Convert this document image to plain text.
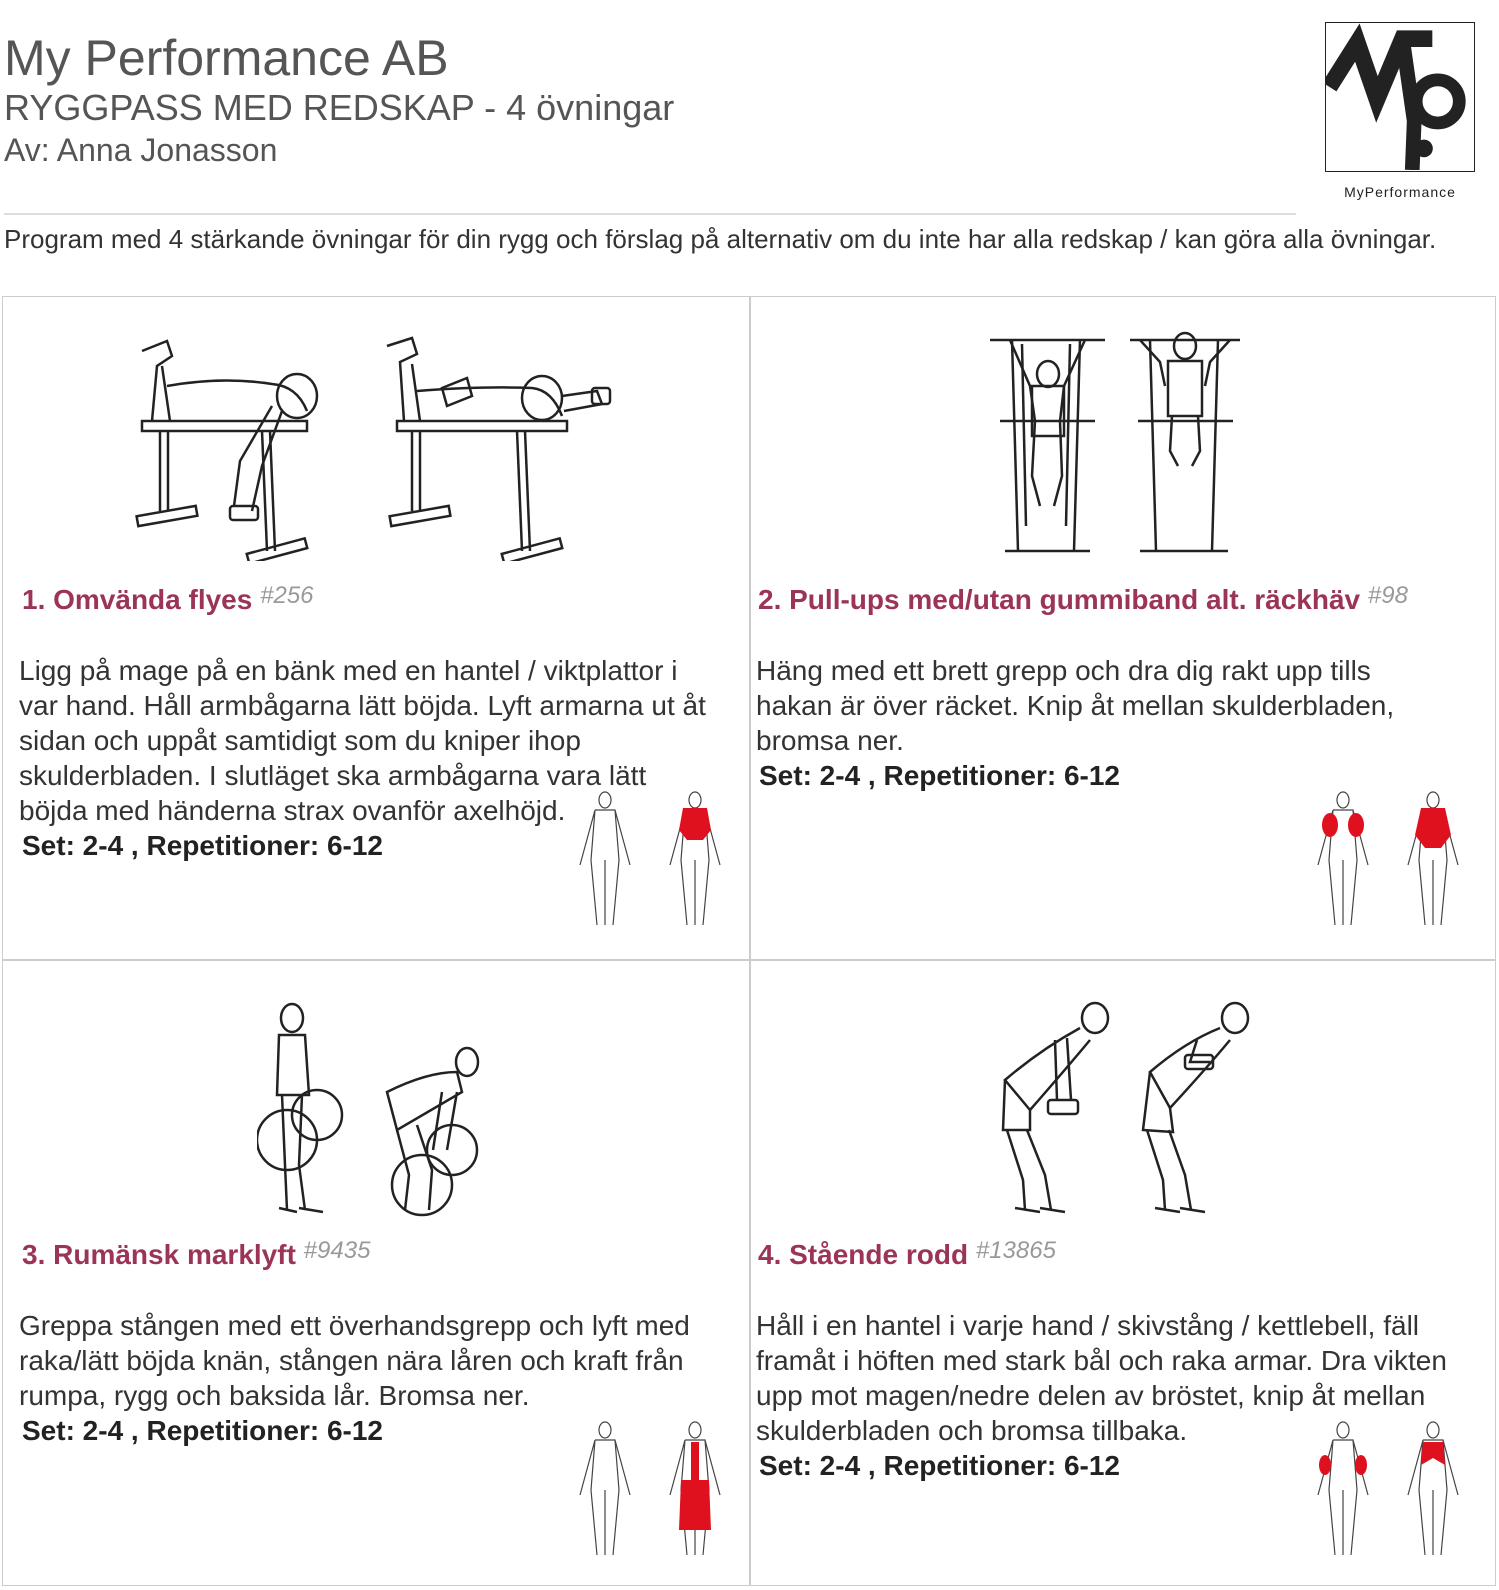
My Performance AB
RYGGPASS MED REDSKAP - 4 övningar
Av: Anna Jonasson
MyPerformance
Program med 4 stärkande övningar för din rygg och förslag på alternativ om du inte har alla redskap / kan göra alla övningar.
1. Omvända flyes #256
Ligg på mage på en bänk med en hantel / viktplattor i var hand. Håll armbågarna lätt böjda. Lyft armarna ut åt sidan och uppåt samtidigt som du kniper ihop skulderbladen. I slutläget ska armbågarna vara lätt böjda med händerna strax ovanför axelhöjd.
Set: 2-4 , Repetitioner: 6-12
2. Pull-ups med/utan gummiband alt. räckhäv #98
Häng med ett brett grepp och dra dig rakt upp tills hakan är över räcket. Knip åt mellan skulderbladen, bromsa ner.
Set: 2-4 , Repetitioner: 6-12
3. Rumänsk marklyft #9435
Greppa stången med ett överhandsgrepp och lyft med raka/lätt böjda knän, stången nära låren och kraft från rumpa, rygg och baksida lår. Bromsa ner.
Set: 2-4 , Repetitioner: 6-12
4. Stående rodd #13865
Håll i en hantel i varje hand / skivstång / kettlebell, fäll framåt i höften med stark bål och raka armar. Dra vikten upp mot magen/nedre delen av bröstet, knip åt mellan skulderbladen och bromsa tillbaka.
Set: 2-4 , Repetitioner: 6-12
